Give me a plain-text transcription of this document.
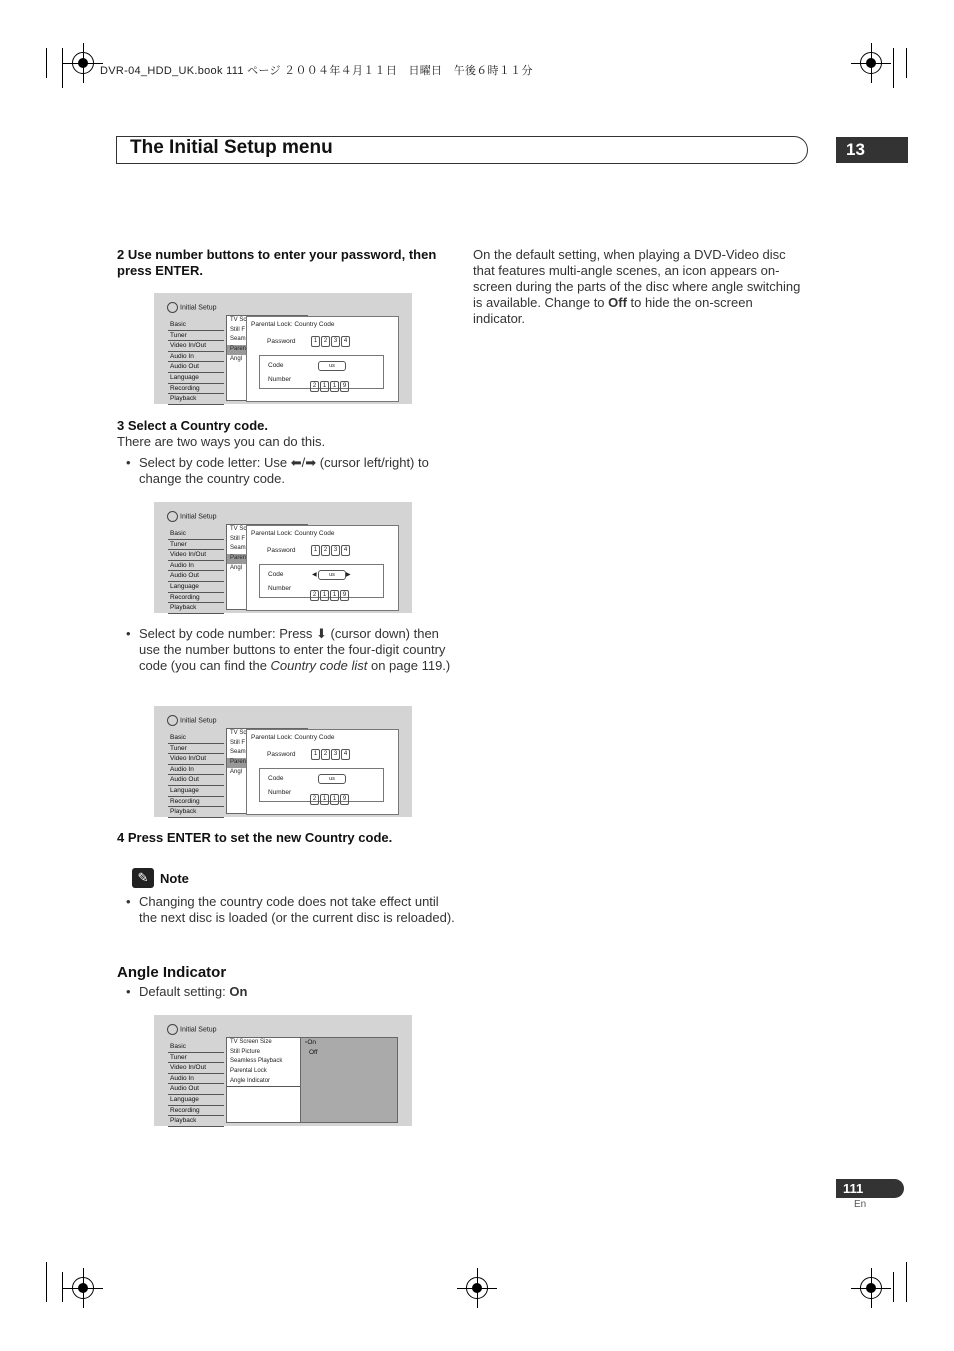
DVR-04_HDD_UK.book 111 ページ ２００４年４月１１日　日曜日　午後６時１１分
The Initial Setup menu	13
2 Use number buttons to enter your password, then press ENTER.
Initial Setup
Basic
Tuner
Video In/Out
Audio In
Audio Out
Language
Recording
Playback
TV Sc
Still F
Seam
Paren
Angl
Parental Lock: Country Code
Password	1 2 3 4
Code	us
Number
2 1 1 9
3 Select a Country code.
There are two ways you can do this.
• Select by code letter: Use ⬅/➡ (cursor left/right) to change the country code.
Initial Setup
Basic
Tuner
Video In/Out
Audio In
Audio Out
Language
Recording
Playback
TV Sc
Still F
Seam
Paren
Angl
Parental Lock: Country Code
Password	1 2 3 4
Code	◀	us	▶
Number
2 1 1 9
• Select by code number: Press ⬇ (cursor down) then use the number buttons to enter the four-digit country code (you can find the Country code list on page 119.)
Initial Setup
Basic
Tuner
Video In/Out
Audio In
Audio Out
Language
Recording
Playback
TV Sc
Still F
Seam
Paren
Angl
Parental Lock: Country Code
Password	1 2 3 4
Code	us
Number
2 1 1 9
4 Press ENTER to set the new Country code.
✎ Note
• Changing the country code does not take effect until the next disc is loaded (or the current disc is reloaded).
Angle Indicator
• Default setting: On
Initial Setup
Basic
Tuner
Video In/Out
Audio In
Audio Out
Language
Recording
Playback
TV Screen Size
Still Picture
Seamless Playback
Parental Lock
Angle Indicator
▫On
Off
On the default setting, when playing a DVD-Video disc that features multi-angle scenes, an icon appears on-screen during the parts of the disc where angle switching is available. Change to Off to hide the on-screen indicator.
111
En
